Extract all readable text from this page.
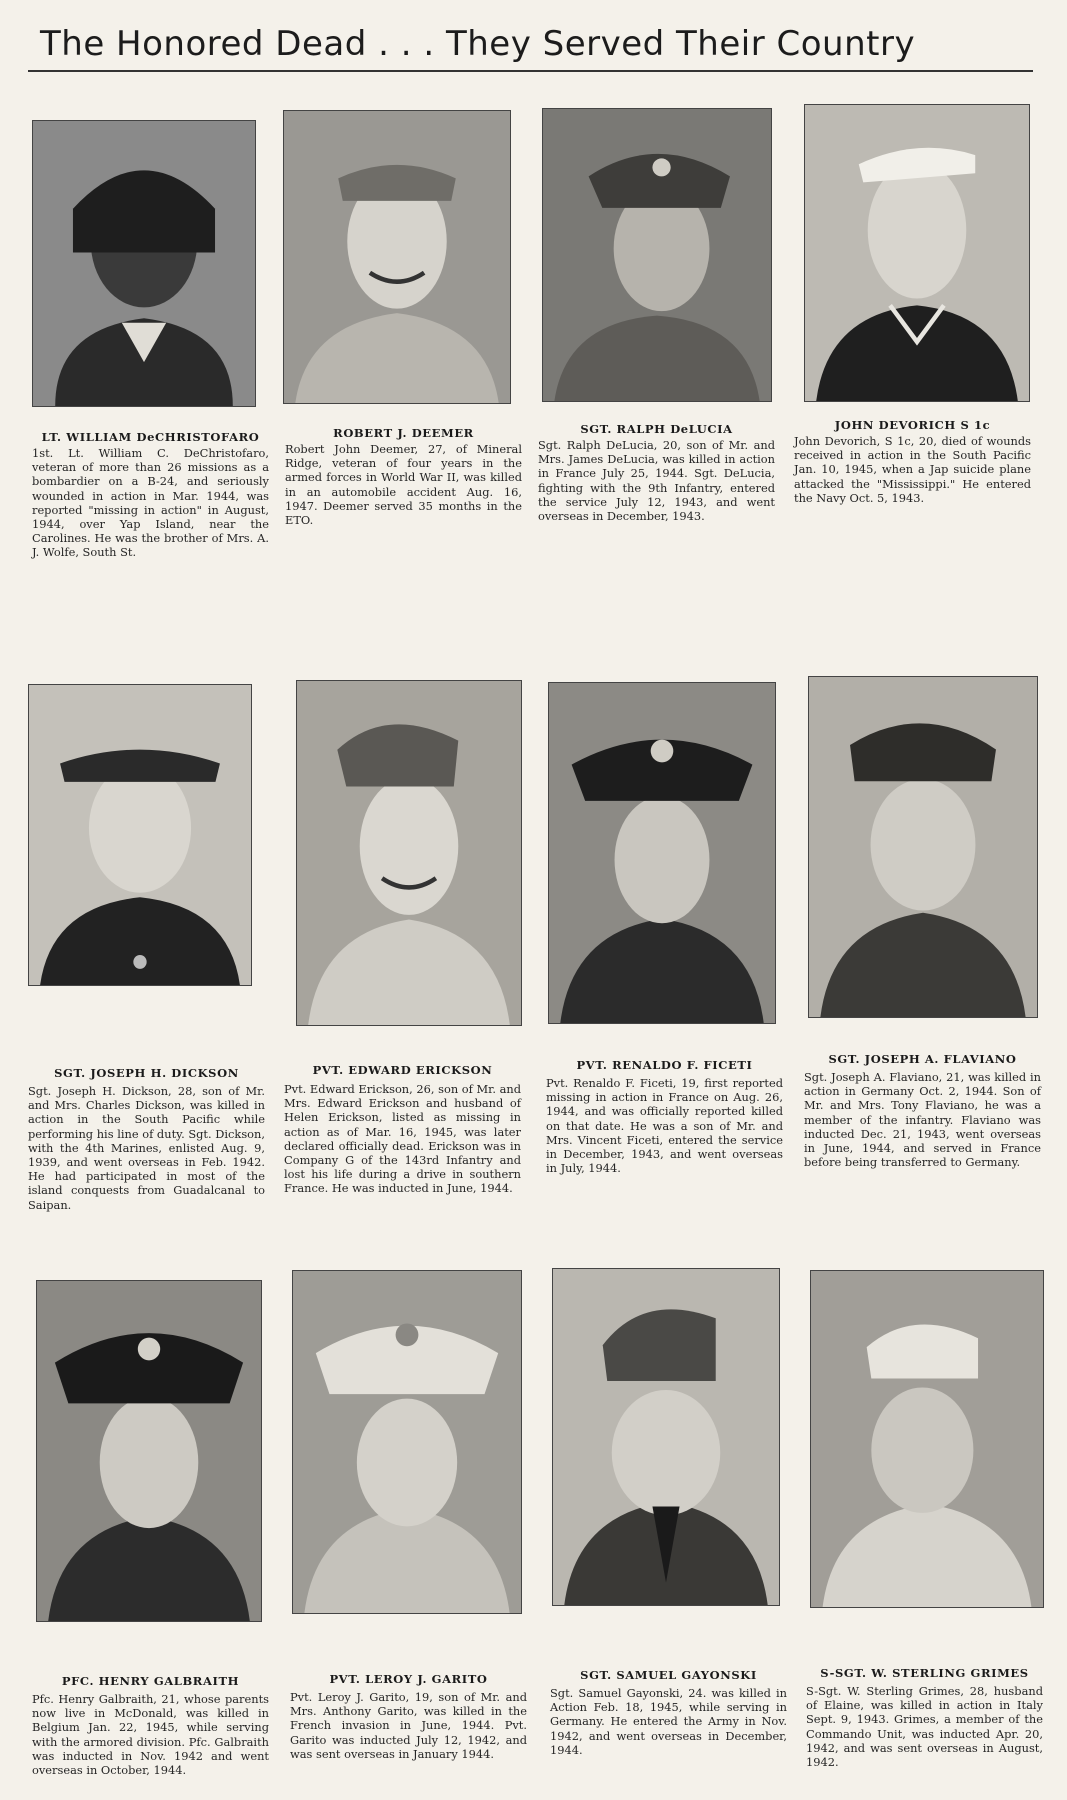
The Honored Dead . . . They Served Their Country
LT. WILLIAM DeCHRISTOFARO
1st. Lt. William C. DeChristofaro, veteran of more than 26 missions as a bombardier on a B-24, and seriously wounded in action in Mar. 1944, was reported "missing in action" in August, 1944, over Yap Island, near the Carolines. He was the brother of Mrs. A. J. Wolfe, South St.
ROBERT J. DEEMER
Robert John Deemer, 27, of Mineral Ridge, veteran of four years in the armed forces in World War II, was killed in an automobile accident Aug. 16, 1947. Deemer served 35 months in the ETO.
SGT. RALPH DeLUCIA
Sgt. Ralph DeLucia, 20, son of Mr. and Mrs. James DeLucia, was killed in action in France July 25, 1944. Sgt. DeLucia, fighting with the 9th Infantry, entered the service July 12, 1943, and went overseas in December, 1943.
JOHN DEVORICH S 1c
John Devorich, S 1c, 20, died of wounds received in action in the South Pacific Jan. 10, 1945, when a Jap suicide plane attacked the "Mississippi." He entered the Navy Oct. 5, 1943.
SGT. JOSEPH H. DICKSON
Sgt. Joseph H. Dickson, 28, son of Mr. and Mrs. Charles Dickson, was killed in action in the South Pacific while performing his line of duty. Sgt. Dickson, with the 4th Marines, enlisted Aug. 9, 1939, and went overseas in Feb. 1942. He had participated in most of the island conquests from Guadalcanal to Saipan.
PVT. EDWARD ERICKSON
Pvt. Edward Erickson, 26, son of Mr. and Mrs. Edward Erickson and husband of Helen Erickson, listed as missing in action as of Mar. 16, 1945, was later declared officially dead. Erickson was in Company G of the 143rd Infantry and lost his life during a drive in southern France. He was inducted in June, 1944.
PVT. RENALDO F. FICETI
Pvt. Renaldo F. Ficeti, 19, first reported missing in action in France on Aug. 26, 1944, and was officially reported killed on that date. He was a son of Mr. and Mrs. Vincent Ficeti, entered the service in December, 1943, and went overseas in July, 1944.
SGT. JOSEPH A. FLAVIANO
Sgt. Joseph A. Flaviano, 21, was killed in action in Germany Oct. 2, 1944. Son of Mr. and Mrs. Tony Flaviano, he was a member of the infantry. Flaviano was inducted Dec. 21, 1943, went overseas in June, 1944, and served in France before being transferred to Germany.
PFC. HENRY GALBRAITH
Pfc. Henry Galbraith, 21, whose parents now live in McDonald, was killed in Belgium Jan. 22, 1945, while serving with the armored division. Pfc. Galbraith was inducted in Nov. 1942 and went overseas in October, 1944.
PVT. LEROY J. GARITO
Pvt. Leroy J. Garito, 19, son of Mr. and Mrs. Anthony Garito, was killed in the French invasion in June, 1944. Pvt. Garito was inducted July 12, 1942, and was sent overseas in January 1944.
SGT. SAMUEL GAYONSKI
Sgt. Samuel Gayonski, 24. was killed in Action Feb. 18, 1945, while serving in Germany. He entered the Army in Nov. 1942, and went overseas in December, 1944.
S-SGT. W. STERLING GRIMES
S-Sgt. W. Sterling Grimes, 28, husband of Elaine, was killed in action in Italy Sept. 9, 1943. Grimes, a member of the Commando Unit, was inducted Apr. 20, 1942, and was sent overseas in August, 1942.
